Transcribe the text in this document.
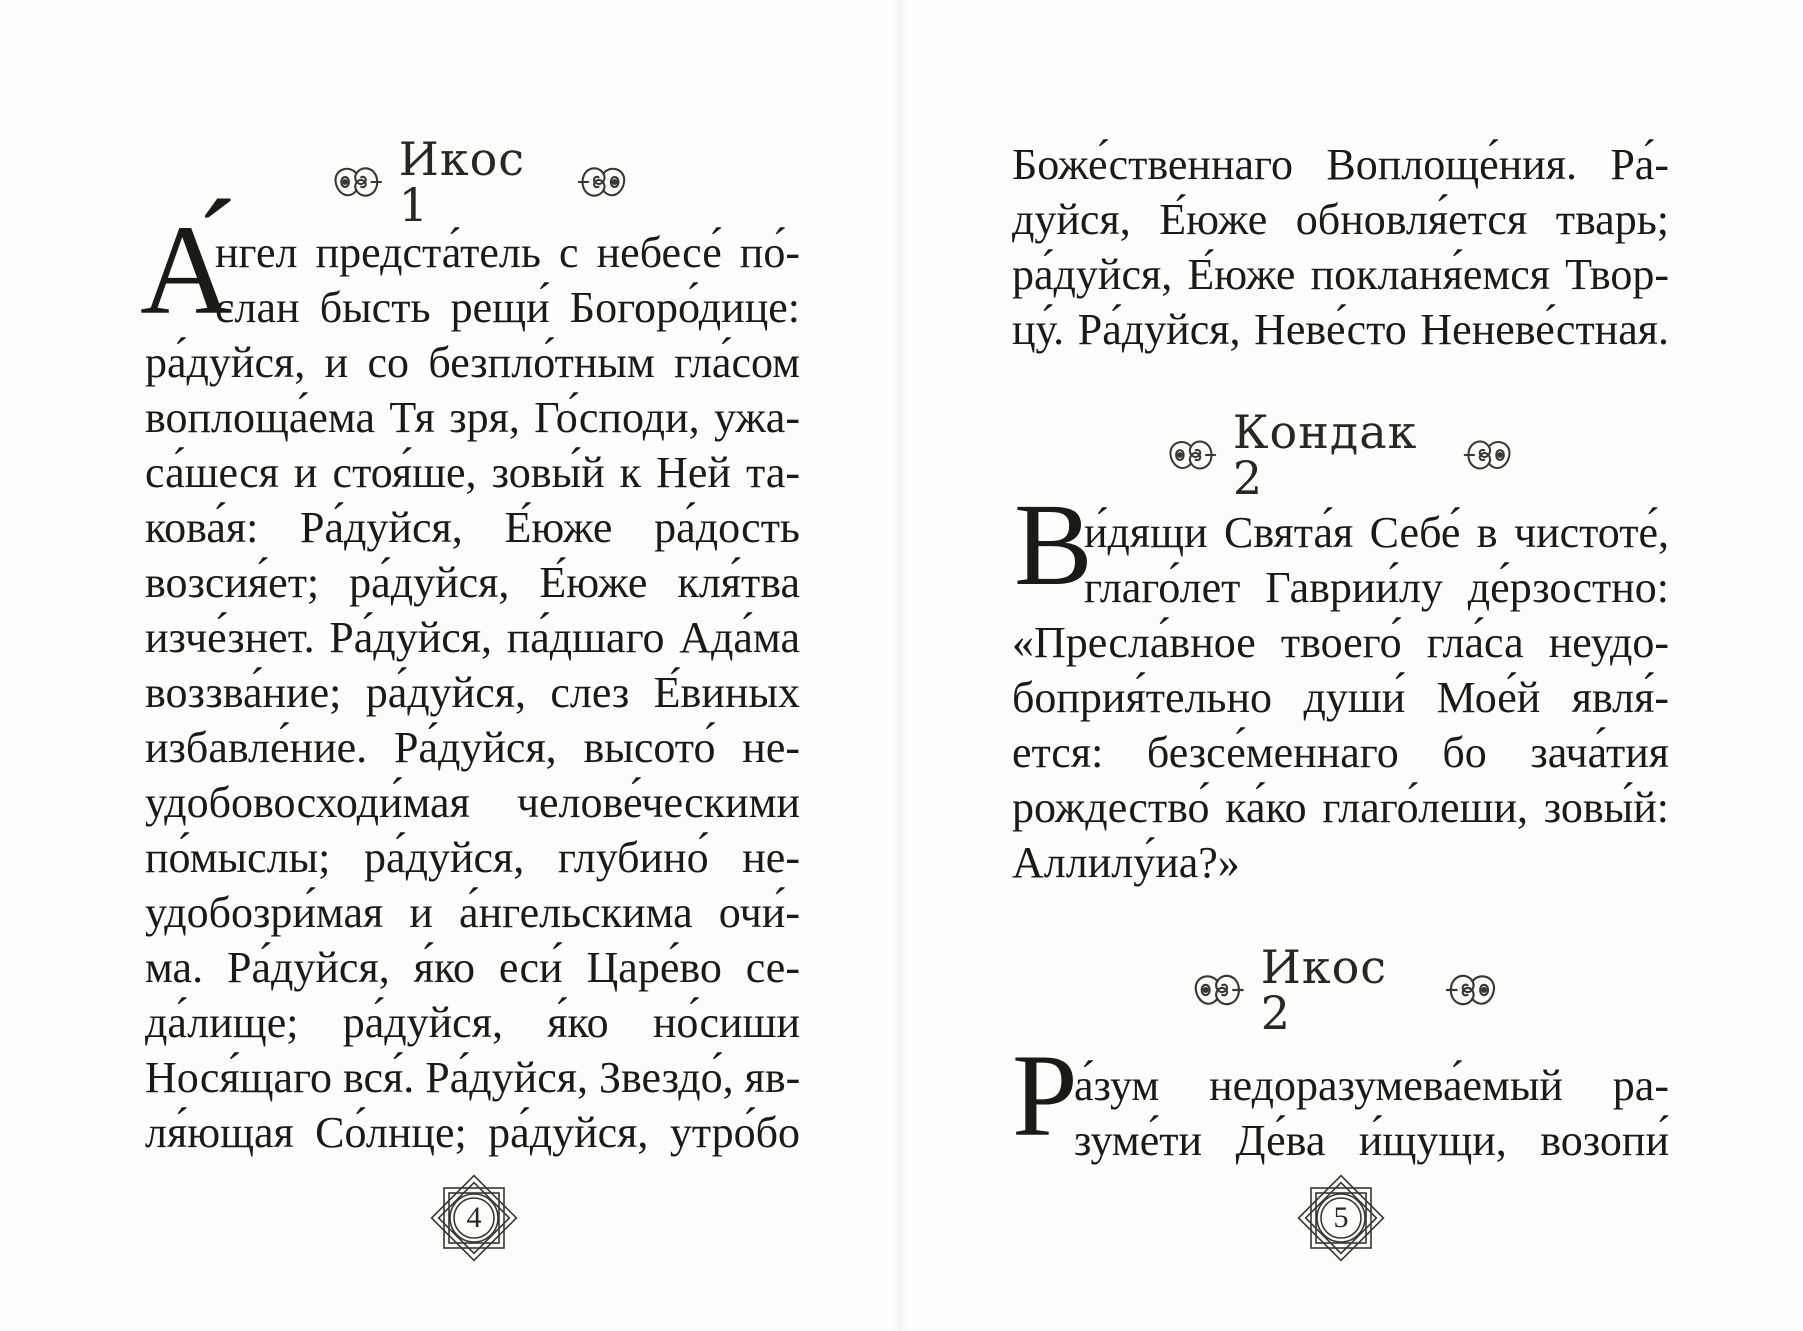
Икос 1
А́
нгел предста́тель с небесе́ по́-
слан бысть рещи́ Богоро́дице:
ра́дуйся, и со безпло́тным гла́сом
воплоща́ема Тя зря, Го́споди, ужа-
са́шеся и стоя́ше, зовы́й к Ней та-
кова́я: Ра́дуйся, Е́юже ра́дость
возсия́ет; ра́дуйся, Е́юже кля́тва
изче́знет. Ра́дуйся, па́дшаго Ада́ма
воззва́ние; ра́дуйся, слез Е́виных
избавле́ние. Ра́дуйся, высото́ не-
удобовосходи́мая челове́ческими
по́мыслы; ра́дуйся, глубино́ не-
удобозри́мая и а́нгельскима очи́-
ма. Ра́дуйся, я́ко еси́ Царе́во се-
да́лище; ра́дуйся, я́ко но́сиши
Нося́щаго вся́. Ра́дуйся, Звездо́, яв-
ля́ющая Со́лнце; ра́дуйся, утро́бо
4
Боже́ственнаго Воплоще́ния. Ра́-
дуйся, Е́юже обновля́ется тварь;
ра́дуйся, Е́юже покланя́емся Твор-
цу́. Ра́дуйся, Неве́сто Неневе́стная.
Кондак 2
В
и́дящи Свята́я Себе́ в чистоте́,
глаго́лет Гаврии́лу де́рзостно:
«Пресла́вное твоего́ гла́са неудо-
боприя́тельно души́ Мое́й явля́-
ется: безсе́меннаго бо зача́тия
рождество́ ка́ко глаго́леши, зовы́й:
Аллилу́иа?»
Икос 2
Р
а́зум недоразумева́емый ра-
зуме́ти Де́ва и́щущи, возопи́
5
